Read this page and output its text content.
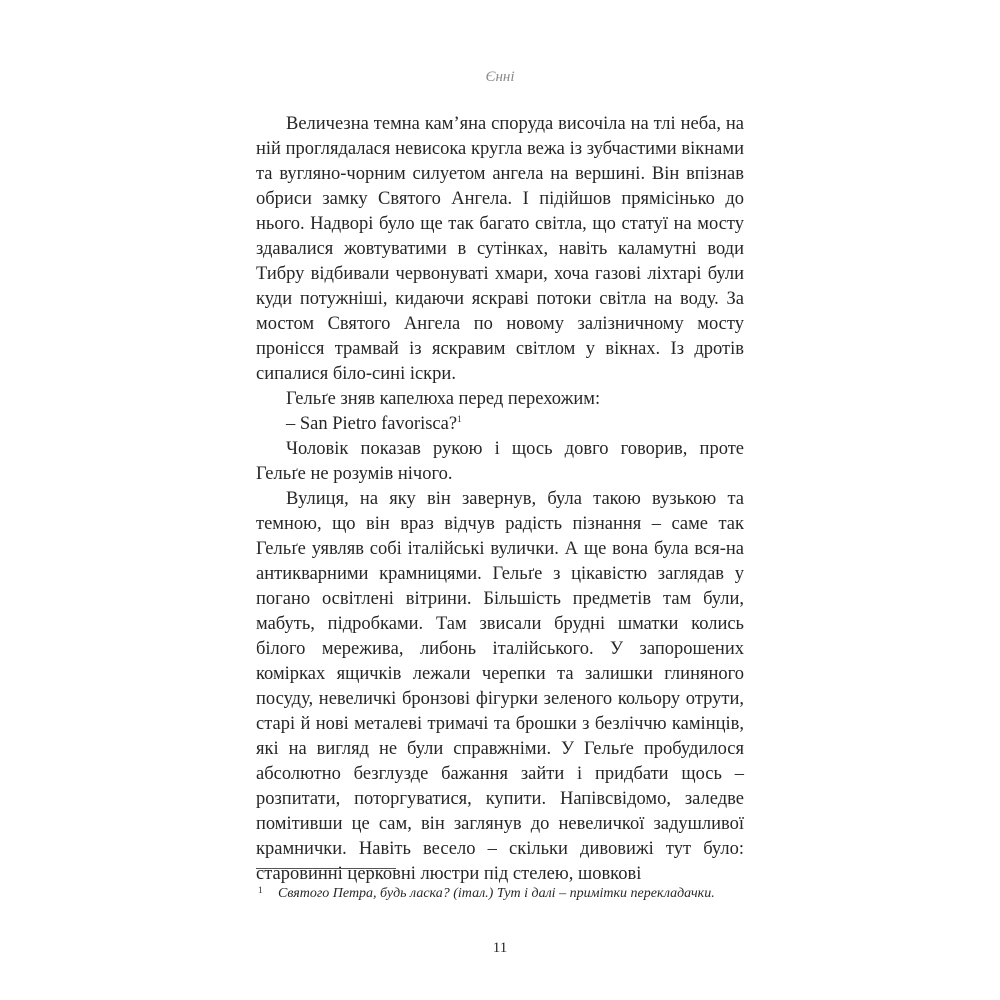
Єнні

Величезна темна кам’яна споруда височіла на тлі неба, на ній проглядалася невисока кругла вежа із зубчастими вікнами та вугляно-чорним силуетом ангела на вершині. Він впізнав обриси замку Святого Ангела. І підійшов прямісінько до нього. Надворі було ще так багато світла, що статуї на мосту здавалися жовтуватими в сутінках, навіть каламутні води Тибру відбивали червонуваті хмари, хоча газові ліхтарі були куди потужніші, кидаючи яскраві потоки світла на воду. За мостом Святого Ангела по новому залізничному мосту пронісся трамвай із яскравим світлом у вікнах. Із дротів сипалися біло-сині іскри.

Гельґе зняв капелюха перед перехожим:

– San Pietro favorisca?$^1$

Чоловік показав рукою і щось довго говорив, проте Гельґе не розумів нічого.

Вулиця, на яку він завернув, була такою вузькою та темною, що він враз відчув радість пізнання – саме так Гельґе уявляв собі італійські вулички. А ще вона була вся-на антикварними крамницями. Гельґе з цікавістю заглядав у погано освітлені вітрини. Більшість предметів там були, мабуть, підробками. Там звисали брудні шматки колись білого мереживa, либонь італійського. У запорошених комірках ящичків лежали черепки та залишки глиняного посуду, невеличкі бронзові фігурки зеленого кольору отрути, старі й нові металеві тримачі та брошки з безліччю камінців, які на вигляд не були справжніми. У Гельґе пробудилося абсолютно безглузде бажання зайти і придбати щось – розпитати, поторгуватися, купити. Напівсвідомо, заледве помітивши це сам, він заглянув до невеличкої задушливої крамнички. Навіть весело – скільки дивовижі тут було: старовинні церковні люстри під стелею, шовкові

1 Святого Петра, будь ласка? (італ.) Тут і далі – примітки перекладачки.
11
